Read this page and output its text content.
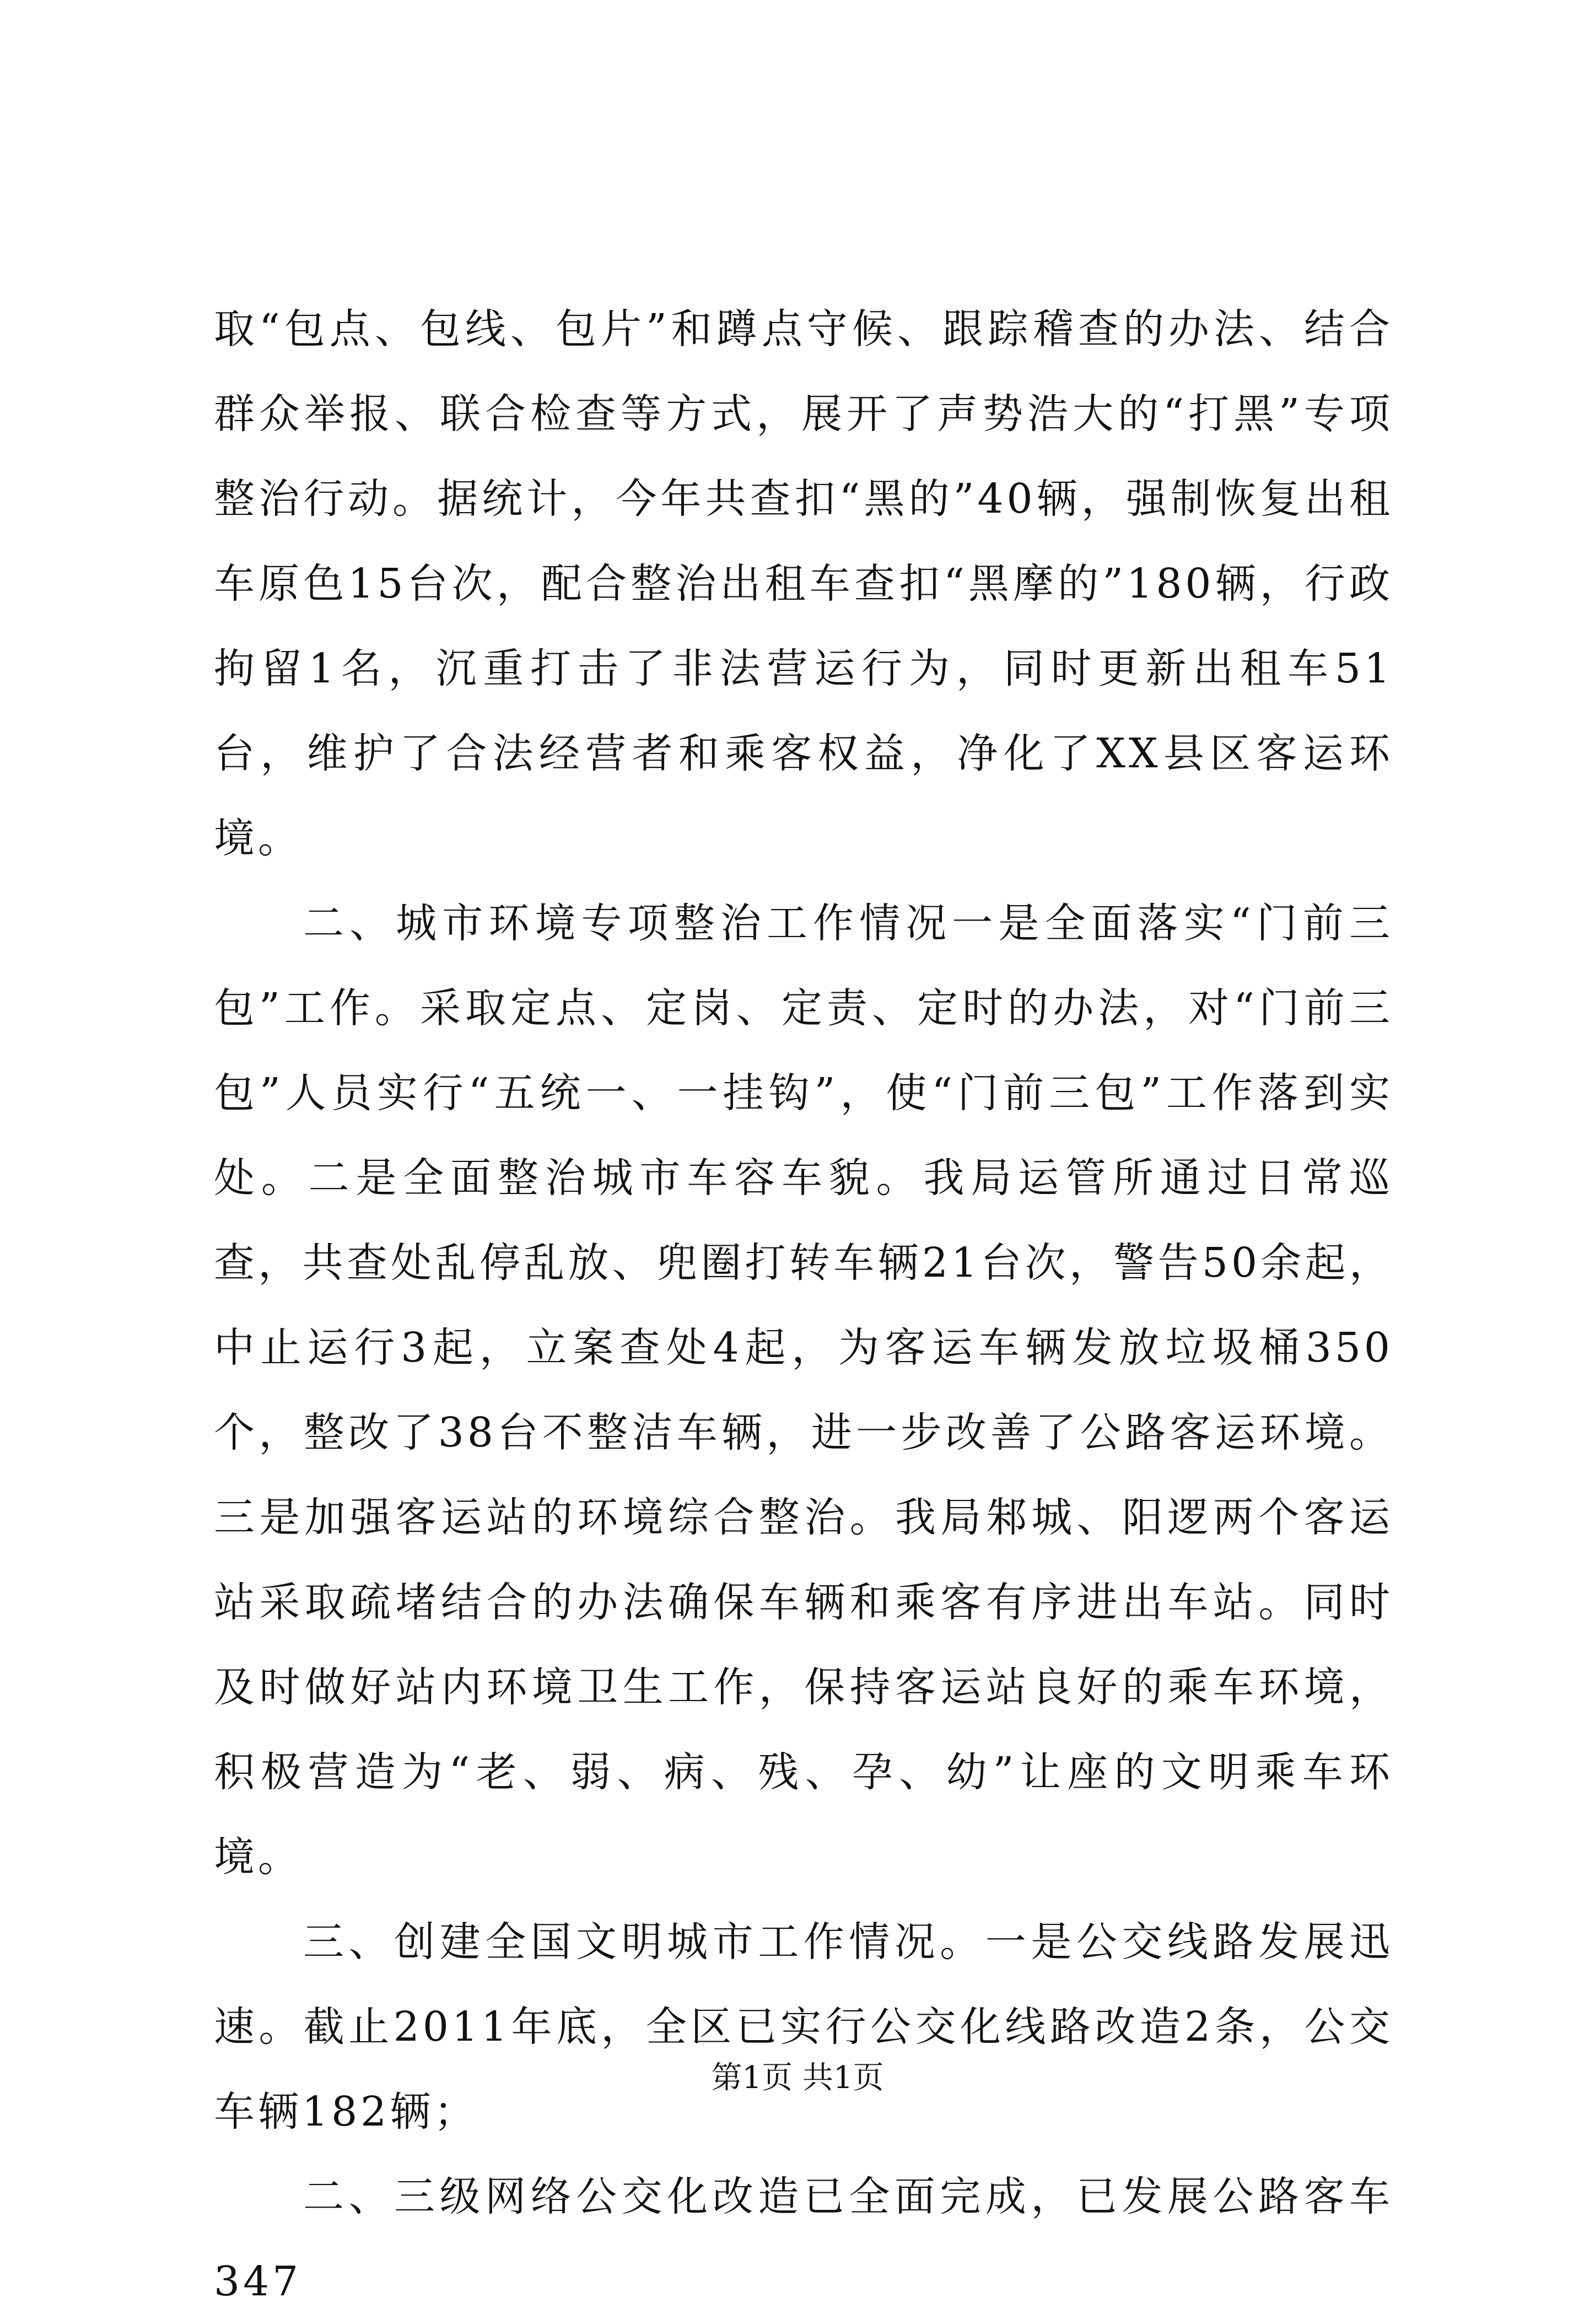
取“包点、包线、包片”和蹲点守候、跟踪稽查的办法、结合群众举报、联合检查等方式，展开了声势浩大的“打黑”专项整治行动。据统计，今年共查扣“黑的”40辆，强制恢复出租车原色15台次，配合整治出租车查扣“黑摩的”180辆，行政拘留1名，沉重打击了非法营运行为，同时更新出租车51台，维护了合法经营者和乘客权益，净化了XX县区客运环境。

二、城市环境专项整治工作情况一是全面落实“门前三包”工作。采取定点、定岗、定责、定时的办法，对“门前三包”人员实行“五统一、一挂钩”，使“门前三包”工作落到实处。二是全面整治城市车容车貌。我局运管所通过日常巡查，共查处乱停乱放、兜圈打转车辆21台次，警告50余起，中止运行3起，立案查处4起，为客运车辆发放垃圾桶350个，整改了38台不整洁车辆，进一步改善了公路客运环境。三是加强客运站的环境综合整治。我局邾城、阳逻两个客运站采取疏堵结合的办法确保车辆和乘客有序进出车站。同时及时做好站内环境卫生工作，保持客运站良好的乘车环境，积极营造为“老、弱、病、残、孕、幼”让座的文明乘车环境。

三、创建全国文明城市工作情况。一是公交线路发展迅速。截止2011年底，全区已实行公交化线路改造2条，公交车辆182辆；

二、三级网络公交化改造已全面完成，已发展公路客车347

第1页 共1页
